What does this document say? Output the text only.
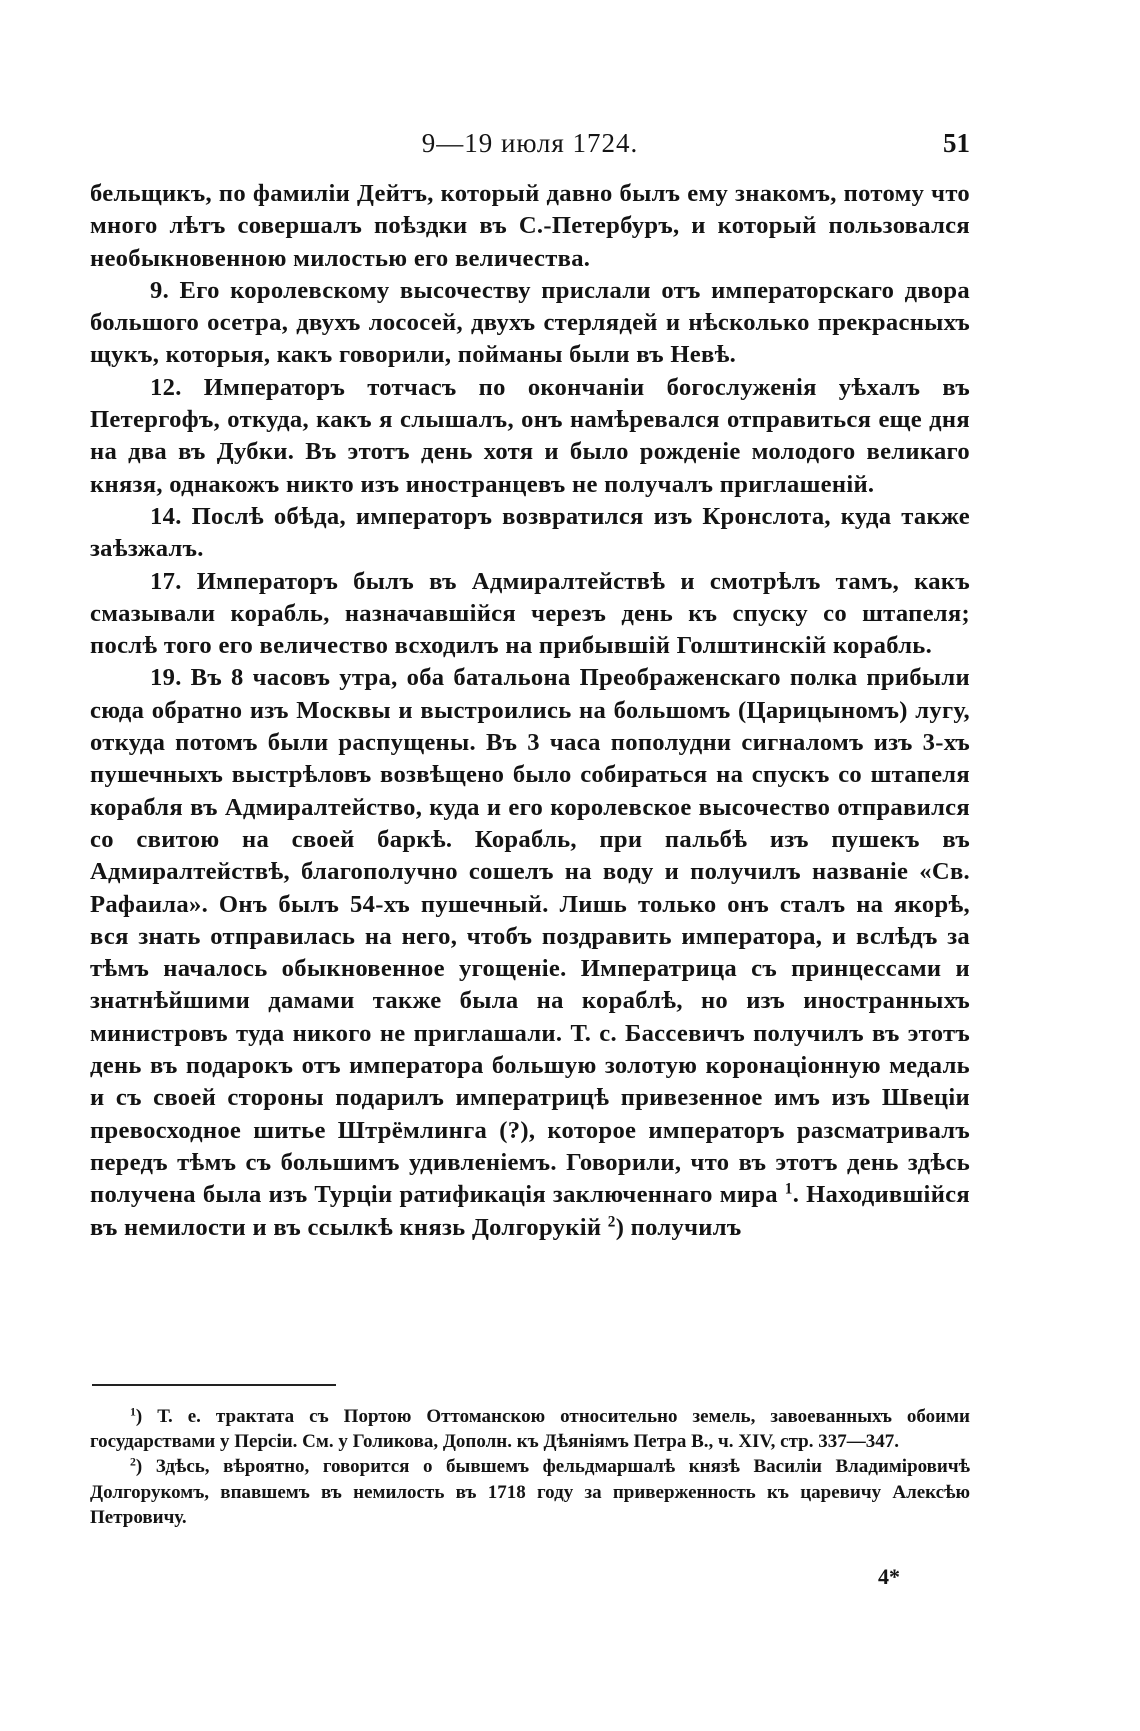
9—19 июля 1724.	51

бельщикъ, по фамиліи Дейтъ, который давно былъ ему знакомъ, потому что много лѣтъ совершалъ поѣздки въ С.-Петербуръ, и который пользовался необыкновенною милостью его величества.

9. Его королевскому высочеству прислали отъ императорскаго двора большого осетра, двухъ лососей, двухъ стерлядей и нѣсколько прекрасныхъ щукъ, которыя, какъ говорили, пойманы были въ Невѣ.

12. Императоръ тотчасъ по окончаніи богослуженія уѣхалъ въ Петергофъ, откуда, какъ я слышалъ, онъ намѣревался отправиться еще дня на два въ Дубки. Въ этотъ день хотя и было рожденіе молодого великаго князя, однакожъ никто изъ иностранцевъ не получалъ приглашеній.

14. Послѣ обѣда, императоръ возвратился изъ Кронслота, куда также заѣзжалъ.

17. Императоръ былъ въ Адмиралтействѣ и смотрѣлъ тамъ, какъ смазывали корабль, назначавшійся черезъ день къ спуску со штапеля; послѣ того его величество всходилъ на прибывшій Голштинскій корабль.

19. Въ 8 часовъ утра, оба батальона Преображенскаго полка прибыли сюда обратно изъ Москвы и выстроились на большомъ (Царицыномъ) лугу, откуда потомъ были распущены. Въ 3 часа пополудни сигналомъ изъ 3-хъ пушечныхъ выстрѣловъ возвѣщено было собираться на спускъ со штапеля корабля въ Адмиралтейство, куда и его королевское высочество отправился со свитою на своей баркѣ. Корабль, при пальбѣ изъ пушекъ въ Адмиралтействѣ, благополучно сошелъ на воду и получилъ названіе «Св. Рафаила». Онъ былъ 54-хъ пушечный. Лишь только онъ сталъ на якорѣ, вся знать отправилась на него, чтобъ поздравить императора, и вслѣдъ за тѣмъ началось обыкновенное угощеніе. Императрица съ принцессами и знатнѣйшими дамами также была на кораблѣ, но изъ иностранныхъ министровъ туда никого не приглашали. Т. с. Бассевичъ получилъ въ этотъ день въ подарокъ отъ императора большую золотую коронаціонную медаль и съ своей стороны подарилъ императрицѣ привезенное имъ изъ Швеціи превосходное шитье Штрёмлинга (?), которое императоръ разсматривалъ передъ тѣмъ съ большимъ удивленіемъ. Говорили, что въ этотъ день здѣсь получена была изъ Турціи ратификація заключеннаго мира $^1$. Находившійся въ немилости и въ ссылкѣ князь Долгорукій $^2$) получилъ

$^1$) Т. е. трактата съ Портою Оттоманскою относительно земель, завоеванныхъ обоими государствами у Персіи. См. у Голикова, Дополн. къ Дѣяніямъ Петра В., ч. XIV, стр. 337—347.

$^2$) Здѣсь, вѣроятно, говорится о бывшемъ фельдмаршалѣ князѣ Василіи Владиміровичѣ Долгорукомъ, впавшемъ въ немилость въ 1718 году за приверженность къ царевичу Алексѣю Петровичу.

4*
